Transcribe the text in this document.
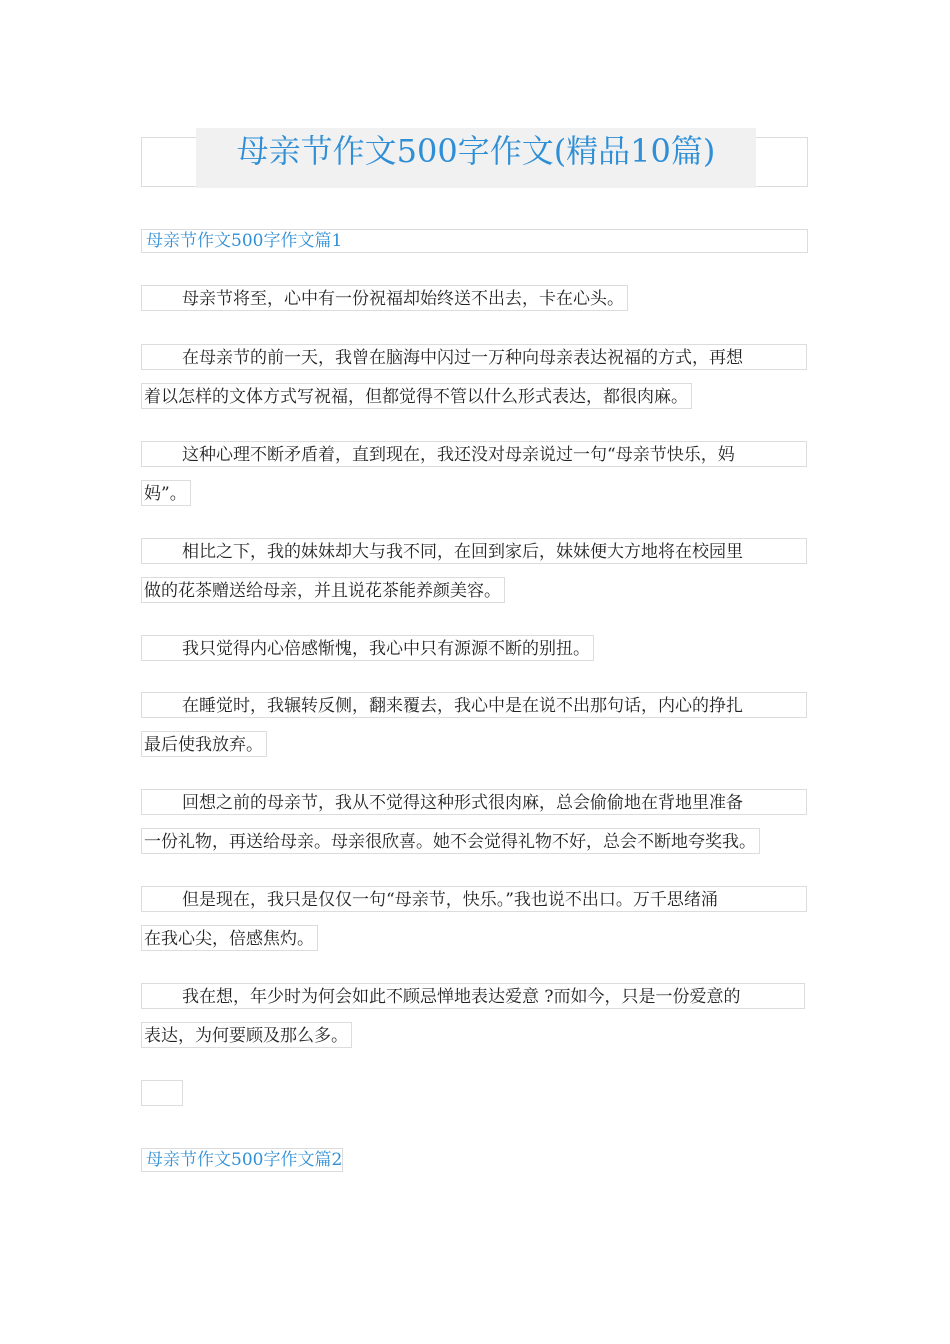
母亲节作文500字作文(精品10篇)
母亲节作文500字作文篇1
母亲节将至，心中有一份祝福却始终送不出去，卡在心头。
在母亲节的前一天，我曾在脑海中闪过一万种向母亲表达祝福的方式，再想
着以怎样的文体方式写祝福，但都觉得不管以什么形式表达，都很肉麻。
这种心理不断矛盾着，直到现在，我还没对母亲说过一句“母亲节快乐，妈
妈”。
相比之下，我的妹妹却大与我不同，在回到家后，妹妹便大方地将在校园里
做的花茶赠送给母亲，并且说花茶能养颜美容。
我只觉得内心倍感惭愧，我心中只有源源不断的别扭。
在睡觉时，我辗转反侧，翻来覆去，我心中是在说不出那句话，内心的挣扎
最后使我放弃。
回想之前的母亲节，我从不觉得这种形式很肉麻，总会偷偷地在背地里准备
一份礼物，再送给母亲。母亲很欣喜。她不会觉得礼物不好，总会不断地夸奖我。
但是现在，我只是仅仅一句“母亲节，快乐。”我也说不出口。万千思绪涌
在我心尖，倍感焦灼。
我在想，年少时为何会如此不顾忌惮地表达爱意 ?而如今，只是一份爱意的
表达，为何要顾及那么多。
母亲节作文500字作文篇2
